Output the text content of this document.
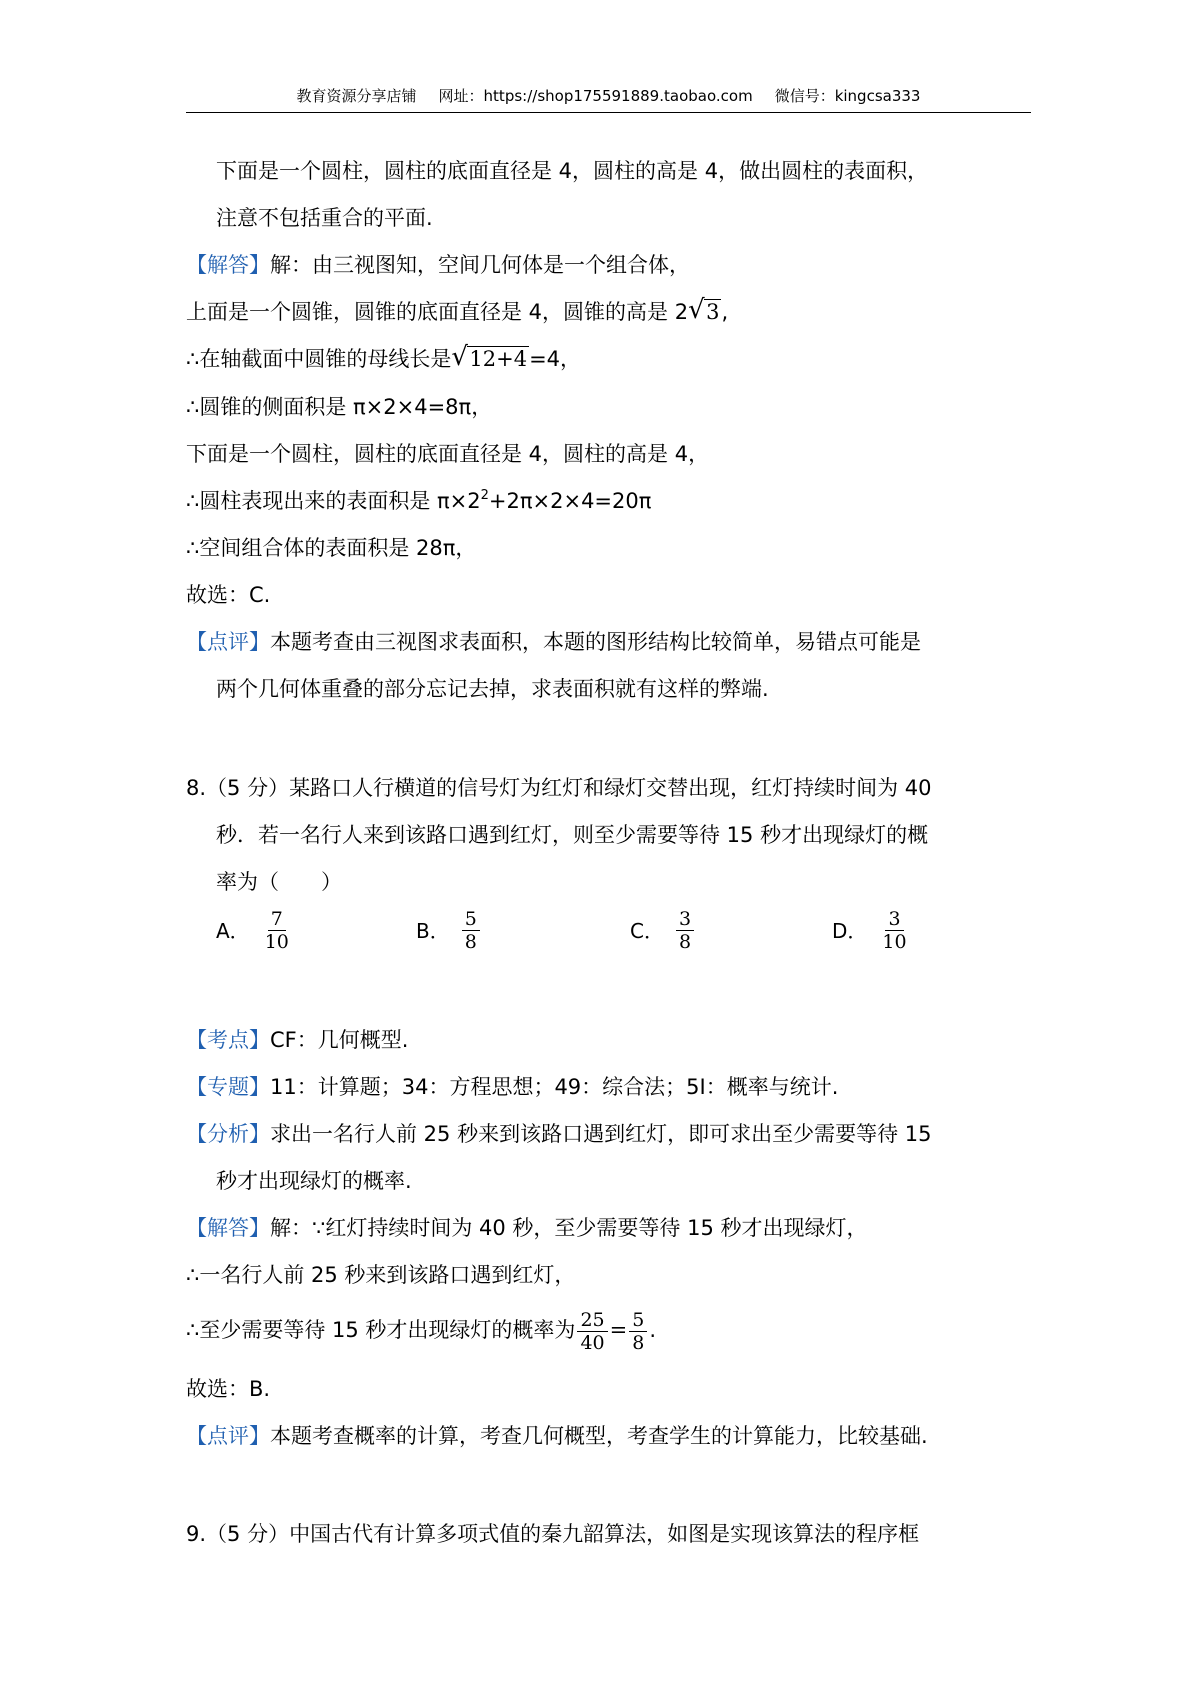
教育资源分享店铺 网址：https://shop175591889.taobao.com 微信号：kingcsa333
下面是一个圆柱，圆柱的底面直径是 4，圆柱的高是 4，做出圆柱的表面积，
注意不包括重合的平面.
【解答】解：由三视图知，空间几何体是一个组合体，
上面是一个圆锥，圆锥的底面直径是 4，圆锥的高是 2 √ 3,
∴在轴截面中圆锥的母线长是 √ 12+4=4，
∴圆锥的侧面积是 π×2×4=8π，
下面是一个圆柱，圆柱的底面直径是 4，圆柱的高是 4，
∴圆柱表现出来的表面积是 $\pi\times 2^2+2\pi\times 2\times 4=20\pi$
∴空间组合体的表面积是 28π，
故选：C.
【点评】本题考查由三视图求表面积，本题的图形结构比较简单，易错点可能是
两个几何体重叠的部分忘记去掉，求表面积就有这样的弊端.
8.（5 分）某路口人行横道的信号灯为红灯和绿灯交替出现，红灯持续时间为 40
秒．若一名行人来到该路口遇到红灯，则至少需要等待 15 秒才出现绿灯的概
率为（　　）
A． $\frac{7}{10}$	B． $\frac{5}{8}$	C． $\frac{3}{8}$	D． $\frac{3}{10}$
【考点】CF：几何概型.
【专题】11：计算题；34：方程思想；49：综合法；5I：概率与统计.
【分析】求出一名行人前 25 秒来到该路口遇到红灯，即可求出至少需要等待 15
秒才出现绿灯的概率.
【解答】解：∵红灯持续时间为 40 秒，至少需要等待 15 秒才出现绿灯，
∴一名行人前 25 秒来到该路口遇到红灯，
∴至少需要等待 15 秒才出现绿灯的概率为 $\frac{25}{40} = \frac{5}{8}$ .
故选：B.
【点评】本题考查概率的计算，考查几何概型，考查学生的计算能力，比较基础.
9.（5 分）中国古代有计算多项式值的秦九韶算法，如图是实现该算法的程序框
